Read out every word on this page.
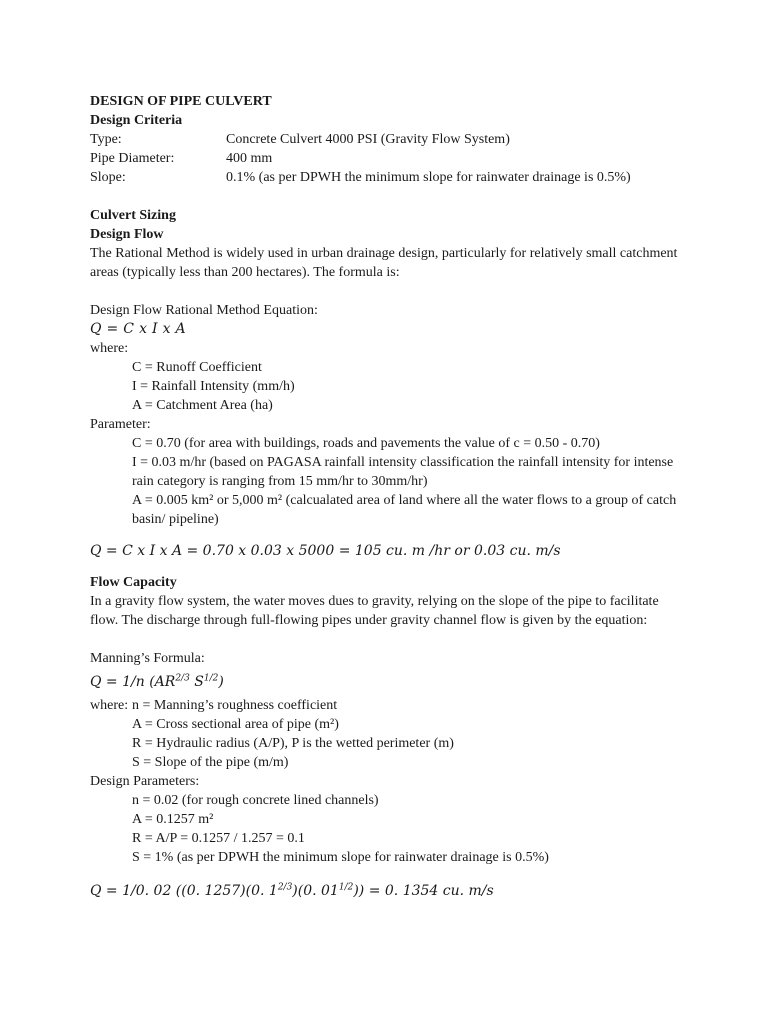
DESIGN OF PIPE CULVERT
Design Criteria
Type:	Concrete Culvert 4000 PSI (Gravity Flow System)
Pipe Diameter:	400 mm
Slope:	0.1% (as per DPWH the minimum slope for rainwater drainage is 0.5%)
Culvert Sizing
Design Flow
The Rational Method is widely used in urban drainage design, particularly for relatively small catchment areas (typically less than 200 hectares). The formula is:
Design Flow Rational Method Equation:
Q = C x I x A
where:
C = Runoff Coefficient
I = Rainfall Intensity (mm/h)
A = Catchment Area (ha)
Parameter:
C = 0.70 (for area with buildings, roads and pavements the value of c = 0.50 - 0.70)
I = 0.03 m/hr (based on PAGASA rainfall intensity classification the rainfall intensity for intense rain category is ranging from 15 mm/hr to 30mm/hr)
A = 0.005 km² or 5,000 m² (calcualated area of land where all the water flows to a group of catch basin/ pipeline)
Q = C x I x A = 0.70 x 0.03 x 5000 = 105 cu. m /hr or 0.03 cu. m/s
Flow Capacity
In a gravity flow system, the water moves dues to gravity, relying on the slope of the pipe to facilitate flow. The discharge through full-flowing pipes under gravity channel flow is given by the equation:
Manning’s Formula:
Q = 1/n ($AR^{2/3}$ $S^{1/2}$)
where: n = Manning’s roughness coefficient
A = Cross sectional area of pipe (m²)
R = Hydraulic radius (A/P), P is the wetted perimeter (m)
S = Slope of the pipe (m/m)
Design Parameters:
n = 0.02 (for rough concrete lined channels)
A = 0.1257 m²
R = A/P = 0.1257 / 1.257 = 0.1
S = 1% (as per DPWH the minimum slope for rainwater drainage is 0.5%)
Q = 1/0. 02 ((0. 1257)(0. $1^{2/3})(0$. $01^{1/2})) = 0$. 1354 cu. m/s
